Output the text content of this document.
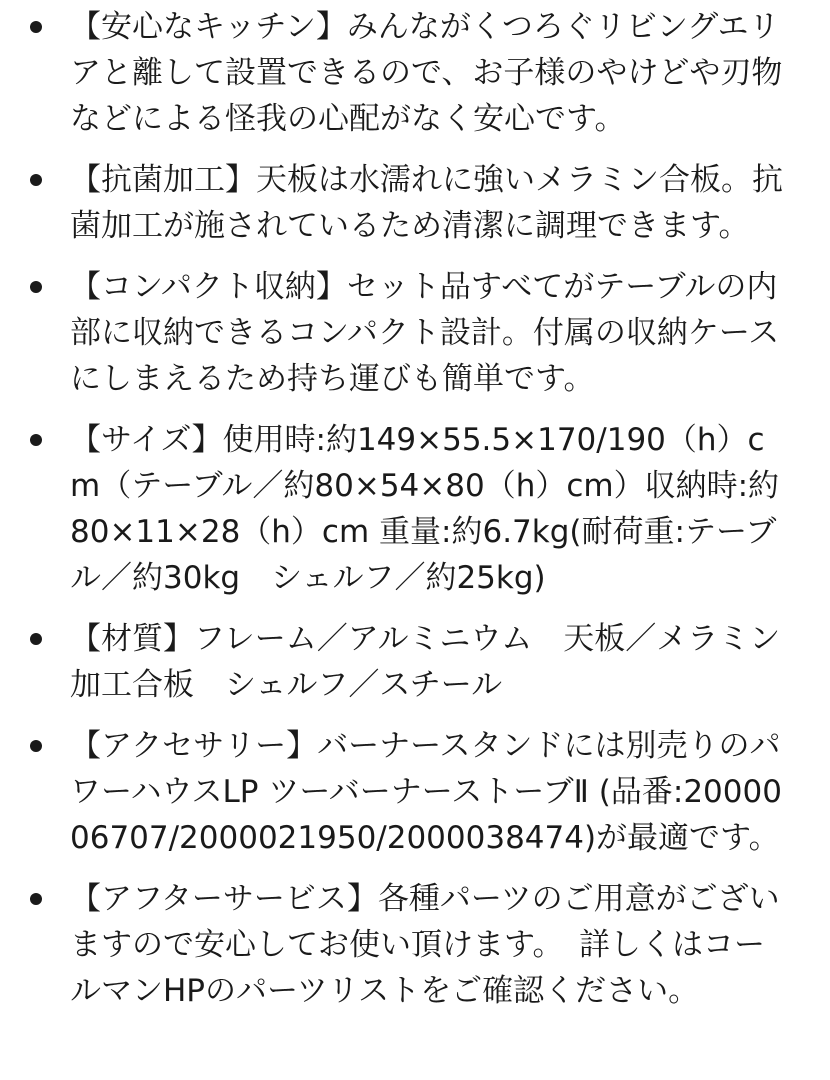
【安心なキッチン】みんながくつろぐリビングエリアと離して設置できるので、お子様のやけどや刃物などによる怪我の心配がなく安心です。
【抗菌加工】天板は水濡れに強いメラミン合板。抗菌加工が施されているため清潔に調理できます。
【コンパクト収納】セット品すべてがテーブルの内部に収納できるコンパクト設計。付属の収納ケースにしまえるため持ち運びも簡単です。
【サイズ】使用時:約149×55.5×170/190（h）cm（テーブル／約80×54×80（h）cm）収納時:約80×11×28（h）cm 重量:約6.7kg(耐荷重:テーブル／約30kg　シェルフ／約25kg)
【材質】フレーム／アルミニウム　天板／メラミン加工合板　シェルフ／スチール
【アクセサリー】バーナースタンドには別売りのパワーハウスLP ツーバーナーストーブⅡ (品番:2000006707/2000021950/2000038474)が最適です。
【アフターサービス】各種パーツのご用意がございますので安心してお使い頂けます。　詳しくはコールマンHPのパーツリストをご確認ください。
